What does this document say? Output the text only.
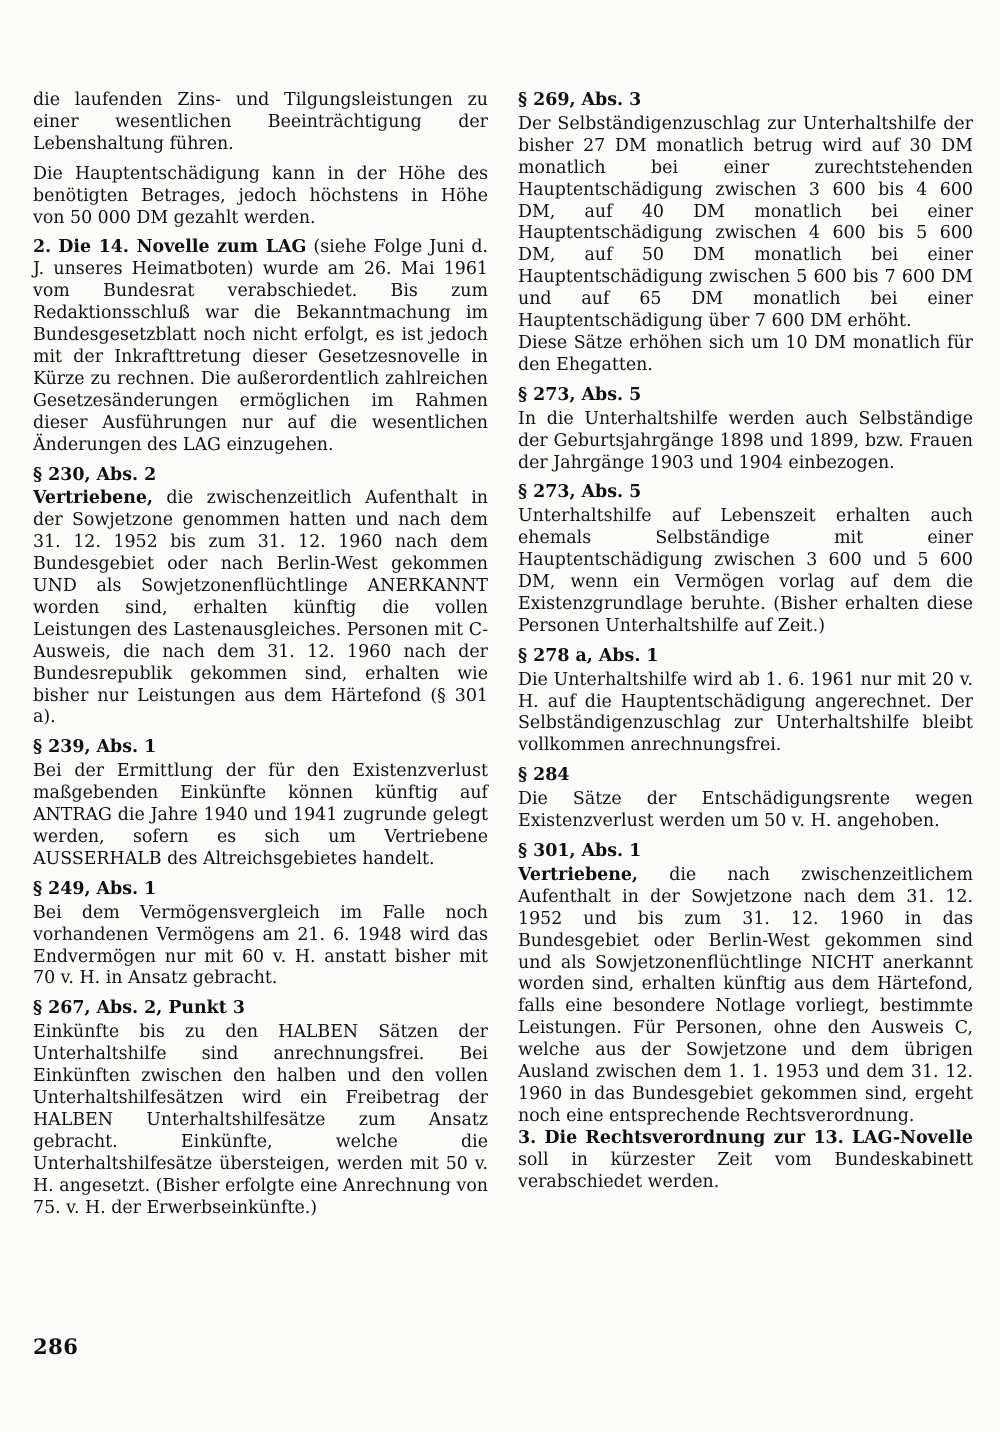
die laufenden Zins- und Tilgungsleistungen zu einer wesentlichen Beeinträchtigung der Lebenshaltung führen.

Die Hauptentschädigung kann in der Höhe des benötigten Betrages, jedoch höchstens in Höhe von 50 000 DM gezahlt werden.

2. Die 14. Novelle zum LAG (siehe Folge Juni d. J. unseres Heimatboten) wurde am 26. Mai 1961 vom Bundesrat verabschiedet. Bis zum Redaktionsschluß war die Bekanntmachung im Bundesgesetzblatt noch nicht erfolgt, es ist jedoch mit der Inkrafttretung dieser Gesetzesnovelle in Kürze zu rechnen. Die außerordentlich zahlreichen Gesetzesänderungen ermöglichen im Rahmen dieser Ausführungen nur auf die wesentlichen Änderungen des LAG einzugehen.

§ 230, Abs. 2

Vertriebene, die zwischenzeitlich Aufenthalt in der Sowjetzone genommen hatten und nach dem 31. 12. 1952 bis zum 31. 12. 1960 nach dem Bundesgebiet oder nach Berlin-West gekommen UND als Sowjetzonenflüchtlinge ANERKANNT worden sind, erhalten künftig die vollen Leistungen des Lastenausgleiches. Personen mit C-Ausweis, die nach dem 31. 12. 1960 nach der Bundesrepublik gekommen sind, erhalten wie bisher nur Leistungen aus dem Härtefond (§ 301 a).

§ 239, Abs. 1

Bei der Ermittlung der für den Existenzverlust maßgebenden Einkünfte können künftig auf ANTRAG die Jahre 1940 und 1941 zugrunde gelegt werden, sofern es sich um Vertriebene AUSSERHALB des Altreichsgebietes handelt.

§ 249, Abs. 1

Bei dem Vermögensvergleich im Falle noch vorhandenen Vermögens am 21. 6. 1948 wird das Endvermögen nur mit 60 v. H. anstatt bisher mit 70 v. H. in Ansatz gebracht.

§ 267, Abs. 2, Punkt 3

Einkünfte bis zu den HALBEN Sätzen der Unterhaltshilfe sind anrechnungsfrei. Bei Einkünften zwischen den halben und den vollen Unterhaltshilfesätzen wird ein Freibetrag der HALBEN Unterhaltshilfesätze zum Ansatz gebracht. Einkünfte, welche die Unterhaltshilfesätze übersteigen, werden mit 50 v. H. angesetzt. (Bisher erfolgte eine Anrechnung von 75. v. H. der Erwerbseinkünfte.)

§ 269, Abs. 3

Der Selbständigenzuschlag zur Unterhaltshilfe der bisher 27 DM monatlich betrug wird auf 30 DM monatlich bei einer zurechtstehenden Hauptentschädigung zwischen 3 600 bis 4 600 DM, auf 40 DM monatlich bei einer Hauptentschädigung zwischen 4 600 bis 5 600 DM, auf 50 DM monatlich bei einer Hauptentschädigung zwischen 5 600 bis 7 600 DM und auf 65 DM monatlich bei einer Hauptentschädigung über 7 600 DM erhöht.

Diese Sätze erhöhen sich um 10 DM monatlich für den Ehegatten.

§ 273, Abs. 5

In die Unterhaltshilfe werden auch Selbständige der Geburtsjahrgänge 1898 und 1899, bzw. Frauen der Jahrgänge 1903 und 1904 einbezogen.

§ 273, Abs. 5

Unterhaltshilfe auf Lebenszeit erhalten auch ehemals Selbständige mit einer Hauptentschädigung zwischen 3 600 und 5 600 DM, wenn ein Vermögen vorlag auf dem die Existenzgrundlage beruhte. (Bisher erhalten diese Personen Unterhaltshilfe auf Zeit.)

§ 278 a, Abs. 1

Die Unterhaltshilfe wird ab 1. 6. 1961 nur mit 20 v. H. auf die Hauptentschädigung angerechnet. Der Selbständigenzuschlag zur Unterhaltshilfe bleibt vollkommen anrechnungsfrei.

§ 284

Die Sätze der Entschädigungsrente wegen Existenzverlust werden um 50 v. H. angehoben.

§ 301, Abs. 1

Vertriebene, die nach zwischenzeitlichem Aufenthalt in der Sowjetzone nach dem 31. 12. 1952 und bis zum 31. 12. 1960 in das Bundesgebiet oder Berlin-West gekommen sind und als Sowjetzonenflüchtlinge NICHT anerkannt worden sind, erhalten künftig aus dem Härtefond, falls eine besondere Notlage vorliegt, bestimmte Leistungen. Für Personen, ohne den Ausweis C, welche aus der Sowjetzone und dem übrigen Ausland zwischen dem 1. 1. 1953 und dem 31. 12. 1960 in das Bundesgebiet gekommen sind, ergeht noch eine entsprechende Rechtsverordnung.

3. Die Rechtsverordnung zur 13. LAG-Novelle soll in kürzester Zeit vom Bundeskabinett verabschiedet werden.

286
